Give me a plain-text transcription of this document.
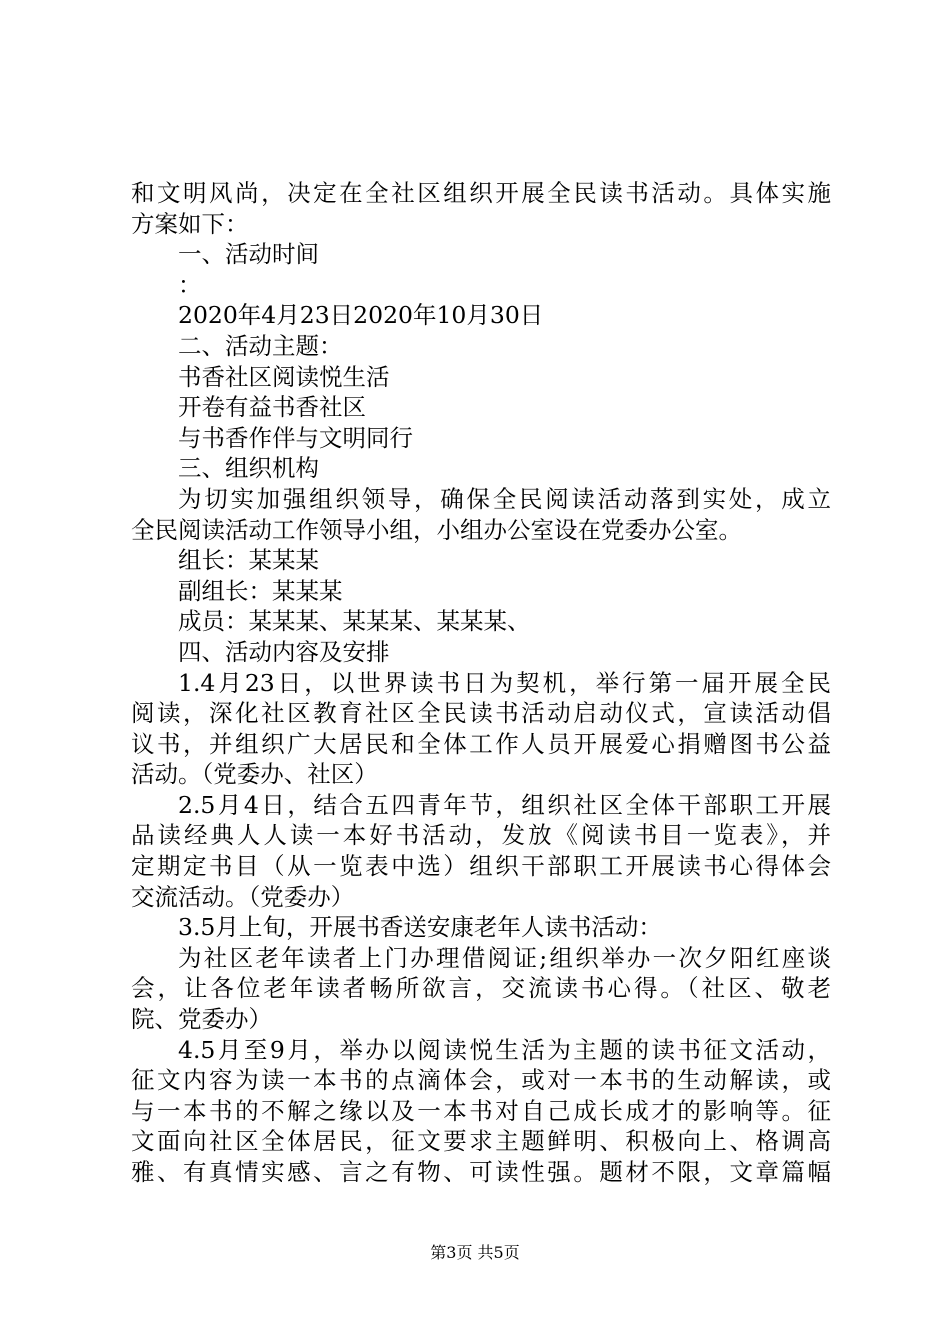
和文明风尚，决定在全社区组织开展全民读书活动。具体实施
方案如下：
一、活动时间
：
2020年4月23日2020年10月30日
二、活动主题：
书香社区阅读悦生活
开卷有益书香社区
与书香作伴与文明同行
三、组织机构
为切实加强组织领导，确保全民阅读活动落到实处，成立
全民阅读活动工作领导小组，小组办公室设在党委办公室。
组长：某某某
副组长：某某某
成员：某某某、某某某、某某某、
四、活动内容及安排
1.4月23日，以世界读书日为契机，举行第一届开展全民
阅读，深化社区教育社区全民读书活动启动仪式，宣读活动倡
议书，并组织广大居民和全体工作人员开展爱心捐赠图书公益
活动。（党委办、社区）
2.5月4日，结合五四青年节，组织社区全体干部职工开展
品读经典人人读一本好书活动，发放《阅读书目一览表》，并
定期定书目（从一览表中选）组织干部职工开展读书心得体会
交流活动。（党委办）
3.5月上旬，开展书香送安康老年人读书活动：
为社区老年读者上门办理借阅证;组织举办一次夕阳红座谈
会，让各位老年读者畅所欲言，交流读书心得。（社区、敬老
院、党委办）
4.5月至9月，举办以阅读悦生活为主题的读书征文活动，
征文内容为读一本书的点滴体会，或对一本书的生动解读，或
与一本书的不解之缘以及一本书对自己成长成才的影响等。征
文面向社区全体居民，征文要求主题鲜明、积极向上、格调高
雅、有真情实感、言之有物、可读性强。题材不限，文章篇幅
第3页 共5页
